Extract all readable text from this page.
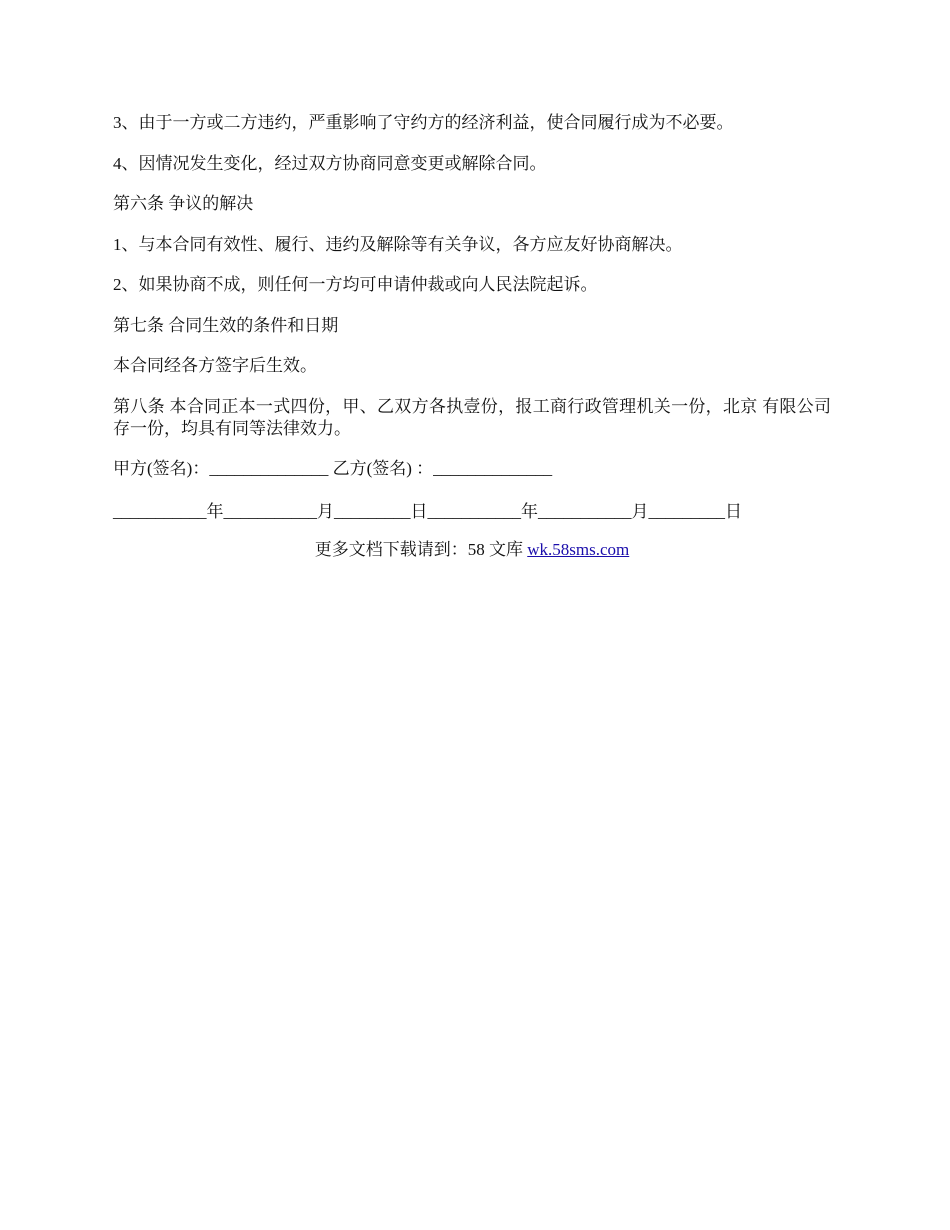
3、由于一方或二方违约，严重影响了守约方的经济利益，使合同履行成为不必要。

4、因情况发生变化，经过双方协商同意变更或解除合同。

第六条 争议的解决

1、与本合同有效性、履行、违约及解除等有关争议，各方应友好协商解决。

2、如果协商不成，则任何一方均可申请仲裁或向人民法院起诉。

第七条 合同生效的条件和日期

本合同经各方签字后生效。

第八条 本合同正本一式四份，甲、乙双方各执壹份，报工商行政管理机关一份，北京 有限公司存一份，均具有同等法律效力。

甲方(签名)：______________ 乙方(签名) ：______________

___________年___________月_________日___________年___________月_________日

更多文档下载请到：58 文库 wk.58sms.com
